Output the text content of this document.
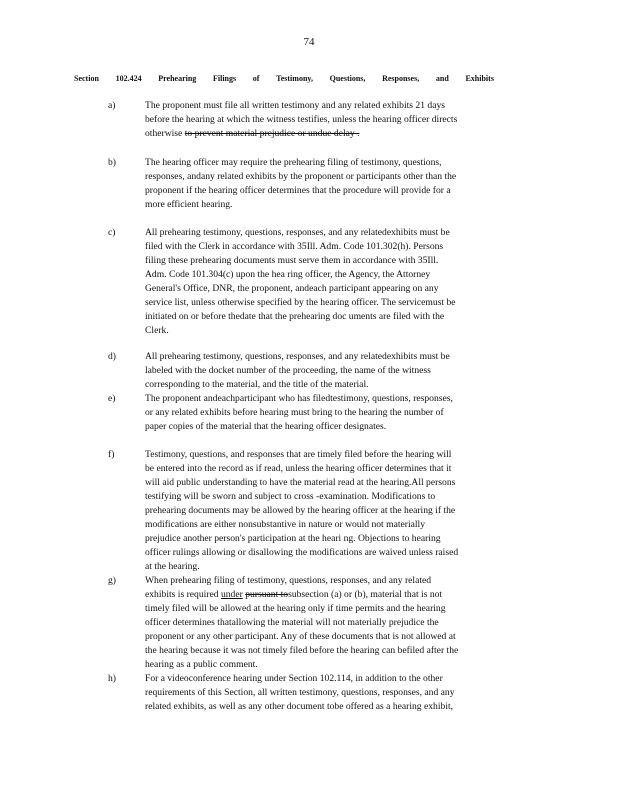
74
Section 102.424 Prehearing Filings of Testimony, Questions, Responses, and Exhibits
a)	The proponent must file all written testimony and any related exhibits 21 days
before the hearing at which the witness testifies, unless the hearing officer directs
otherwise to prevent material prejudice or undue delay .
b)	The hearing officer may require the prehearing filing of testimony, questions,
responses, andany related exhibits by the proponent or participants other than the
proponent if the hearing officer determines that the procedure will provide for a
more efficient hearing.
c)	All prehearing testimony, questions, responses, and any relatedexhibits must be
filed with the Clerk in accordance with 35Ill. Adm. Code 101.302(h). Persons
filing these prehearing documents must serve them in accordance with 35Ill.
Adm. Code 101.304(c) upon the hea ring officer, the Agency, the Attorney
General's Office, DNR, the proponent, andeach participant appearing on any
service list, unless otherwise specified by the hearing officer. The servicemust be
initiated on or before thedate that the prehearing doc uments are filed with the
Clerk.
d)	All prehearing testimony, questions, responses, and any relatedexhibits must be
labeled with the docket number of the proceeding, the name of the witness
corresponding to the material, and the title of the material.
e)	The proponent andeachparticipant who has filedtestimony, questions, responses,
or any related exhibits before hearing must bring to the hearing the number of
paper copies of the material that the hearing officer designates.
f)	Testimony, questions, and responses that are timely filed before the hearing will
be entered into the record as if read, unless the hearing officer determines that it
will aid public understanding to have the material read at the hearing.All persons
testifying will be sworn and subject to cross -examination. Modifications to
prehearing documents may be allowed by the hearing officer at the hearing if the
modifications are either nonsubstantive in nature or would not materially
prejudice another person's participation at the heari ng. Objections to hearing
officer rulings allowing or disallowing the modifications are waived unless raised
at the hearing.
g)	When prehearing filing of testimony, questions, responses, and any related
exhibits is required under pursuant tosubsection (a) or (b), material that is not
timely filed will be allowed at the hearing only if time permits and the hearing
officer determines thatallowing the material will not materially prejudice the
proponent or any other participant. Any of these documents that is not allowed at
the hearing because it was not timely filed before the hearing can befiled after the
hearing as a public comment.
h)	For a videoconference hearing under Section 102.114, in addition to the other
requirements of this Section, all written testimony, questions, responses, and any
related exhibits, as well as any other document tobe offered as a hearing exhibit,
